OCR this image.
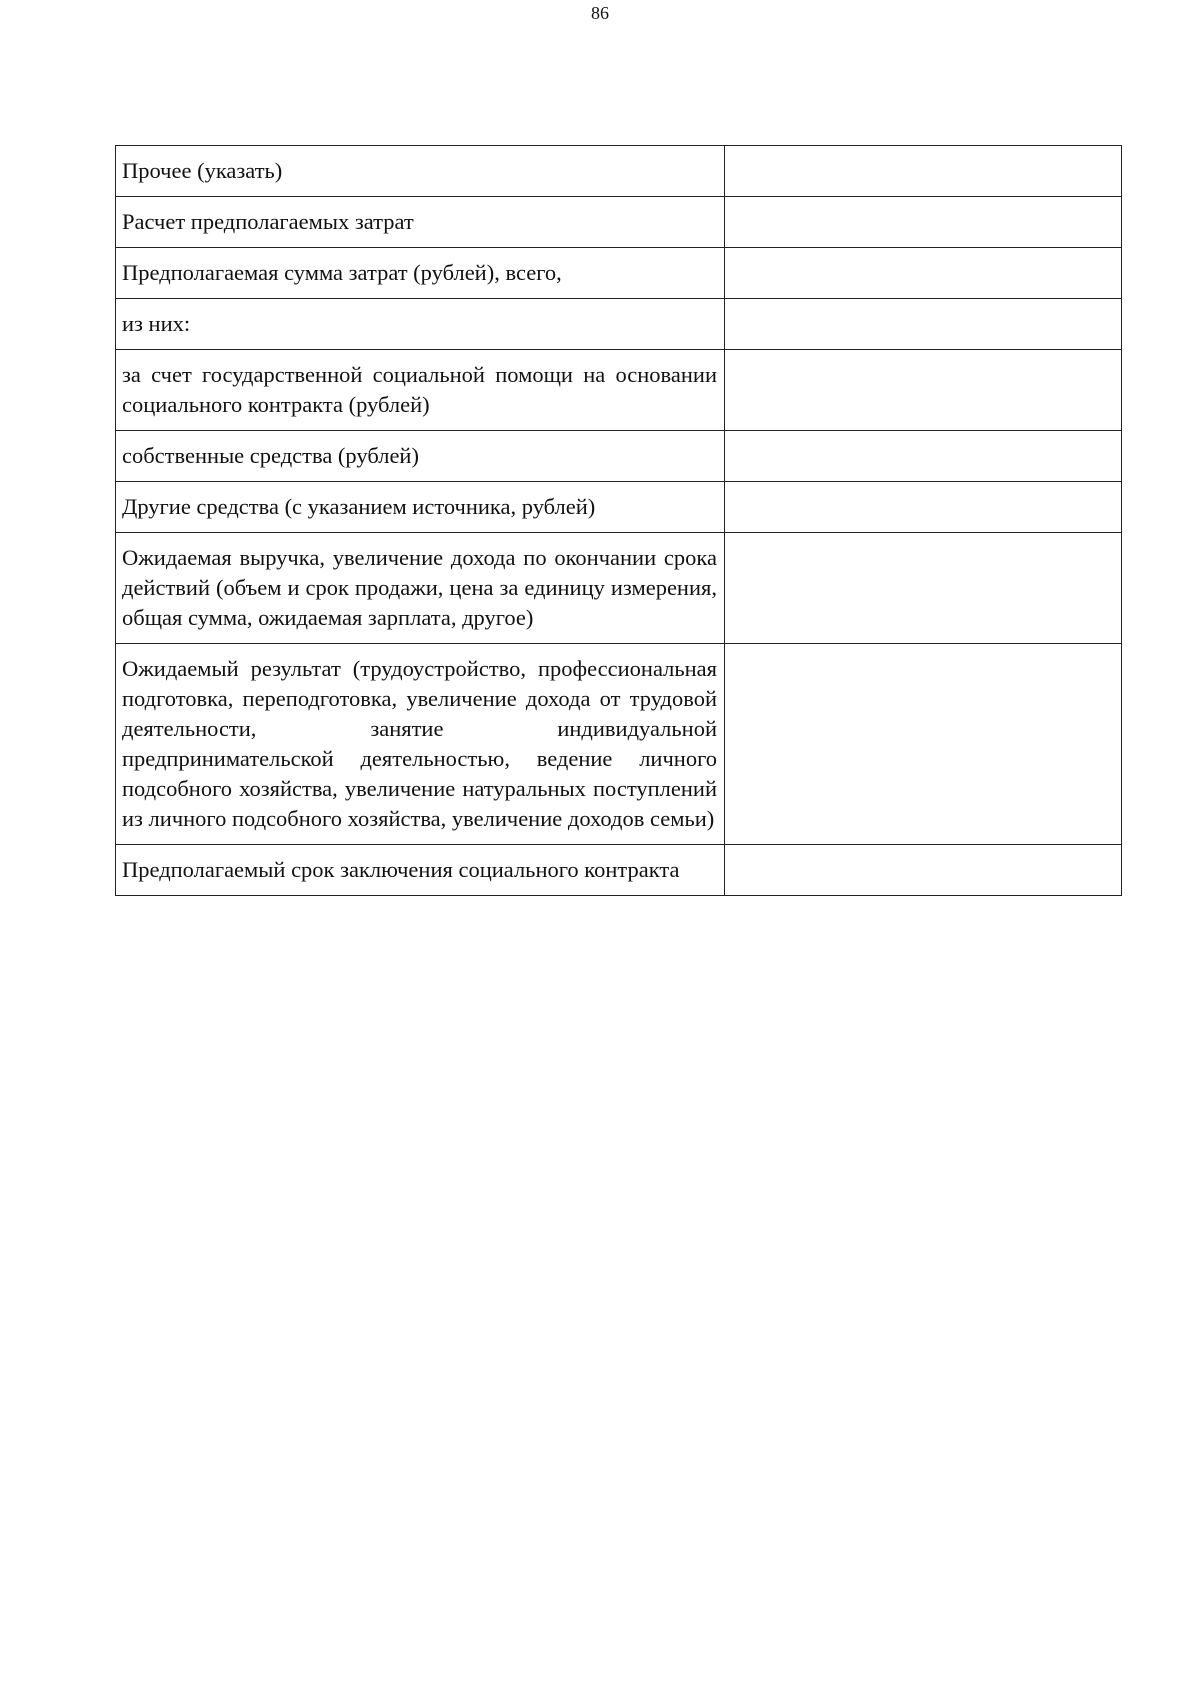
86
Прочее (указать)	

Расчет предполагаемых затрат	

Предполагаемая сумма затрат (рублей), всего,	

из них:	

за счет государственной социальной помощи на основании социального контракта (рублей)	

собственные средства (рублей)	

Другие средства (с указанием источника, рублей)	

Ожидаемая выручка, увеличение дохода по окончании срока действий (объем и срок продажи, цена за единицу измерения, общая сумма, ожидаемая зарплата, другое)	

Ожидаемый результат (трудоустройство, профессиональная подготовка, переподготовка, увеличение дохода от трудовой деятельности, занятие индивидуальной предпринимательской деятельностью, ведение личного подсобного хозяйства, увеличение натуральных поступлений из личного подсобного хозяйства, увеличение доходов семьи)	

Предполагаемый срок заключения социального контракта	
